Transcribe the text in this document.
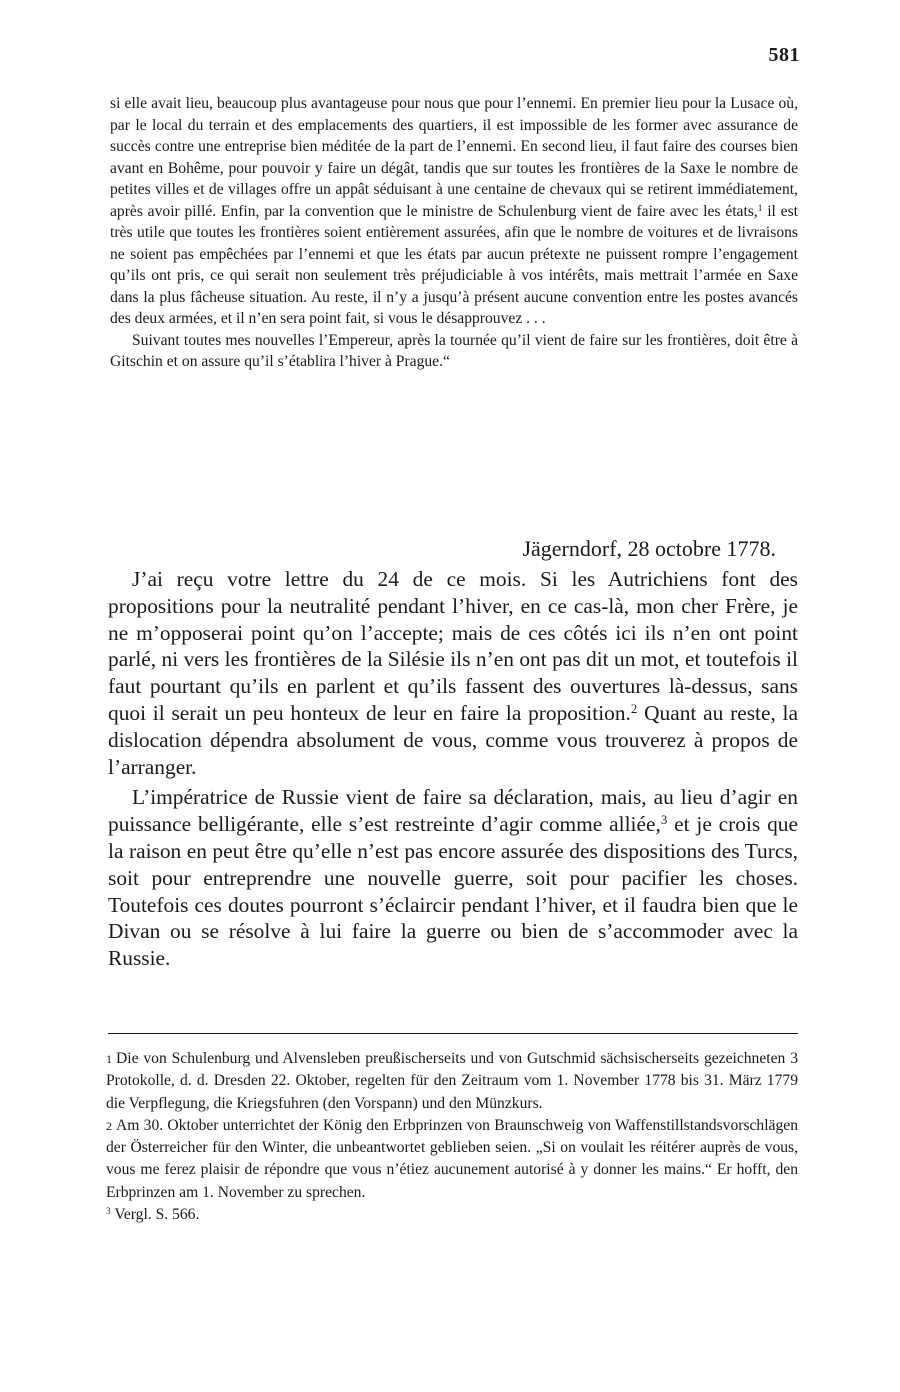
581

si elle avait lieu, beaucoup plus avantageuse pour nous que pour l’ennemi. En premier lieu pour la Lusace où, par le local du terrain et des emplacements des quartiers, il est impossible de les former avec assurance de succès contre une entreprise bien méditée de la part de l’ennemi. En second lieu, il faut faire des courses bien avant en Bohême, pour pouvoir y faire un dégât, tandis que sur toutes les frontières de la Saxe le nombre de petites villes et de villages offre un appât séduisant à une centaine de chevaux qui se retirent immédiatement, après avoir pillé. Enfin, par la convention que le ministre de Schulenburg vient de faire avec les états,$^1$ il est très utile que toutes les frontières soient entièrement assurées, afin que le nombre de voitures et de livraisons ne soient pas empêchées par l’ennemi et que les états par aucun prétexte ne puissent rompre l’engagement qu’ils ont pris, ce qui serait non seulement très préjudiciable à vos intérêts, mais mettrait l’armée en Saxe dans la plus fâcheuse situation. Au reste, il n’y a jusqu’à présent aucune convention entre les postes avancés des deux armées, et il n’en sera point fait, si vous le désapprouvez . . .

Suivant toutes mes nouvelles l’Empereur, après la tournée qu’il vient de faire sur les frontières, doit être à Gitschin et on assure qu’il s’établira l’hiver à Prague.“

Jägerndorf, 28 octobre 1778.

J’ai reçu votre lettre du 24 de ce mois. Si les Autrichiens font des propositions pour la neutralité pendant l’hiver, en ce cas-là, mon cher Frère, je ne m’opposerai point qu’on l’accepte; mais de ces côtés ici ils n’en ont point parlé, ni vers les frontières de la Silésie ils n’en ont pas dit un mot, et toutefois il faut pourtant qu’ils en parlent et qu’ils fassent des ouvertures là-dessus, sans quoi il serait un peu honteux de leur en faire la proposition.$^2$ Quant au reste, la dislocation dépendra absolument de vous, comme vous trouverez à propos de l’arranger.

L’impératrice de Russie vient de faire sa déclaration, mais, au lieu d’agir en puissance belligérante, elle s’est restreinte d’agir comme alliée,$^3$ et je crois que la raison en peut être qu’elle n’est pas encore assurée des dispositions des Turcs, soit pour entreprendre une nouvelle guerre, soit pour pacifier les choses. Toutefois ces doutes pourront s’éclaircir pendant l’hiver, et il faudra bien que le Divan ou se résolve à lui faire la guerre ou bien de s’accommoder avec la Russie.

1 Die von Schulenburg und Alvensleben preußischerseits und von Gutschmid sächsischerseits gezeichneten 3 Protokolle, d. d. Dresden 22. Oktober, regelten für den Zeitraum vom 1. November 1778 bis 31. März 1779 die Verpflegung, die Kriegsfuhren (den Vorspann) und den Münzkurs.

2 Am 30. Oktober unterrichtet der König den Erbprinzen von Braunschweig von Waffenstillstandsvorschlägen der Österreicher für den Winter, die unbeantwortet geblieben seien. „Si on voulait les réitérer auprès de vous, vous me ferez plaisir de répondre que vous n’étiez aucunement autorisé à y donner les mains.“ Er hofft, den Erbprinzen am 1. November zu sprechen.

$^3$ Vergl. S. 566.
